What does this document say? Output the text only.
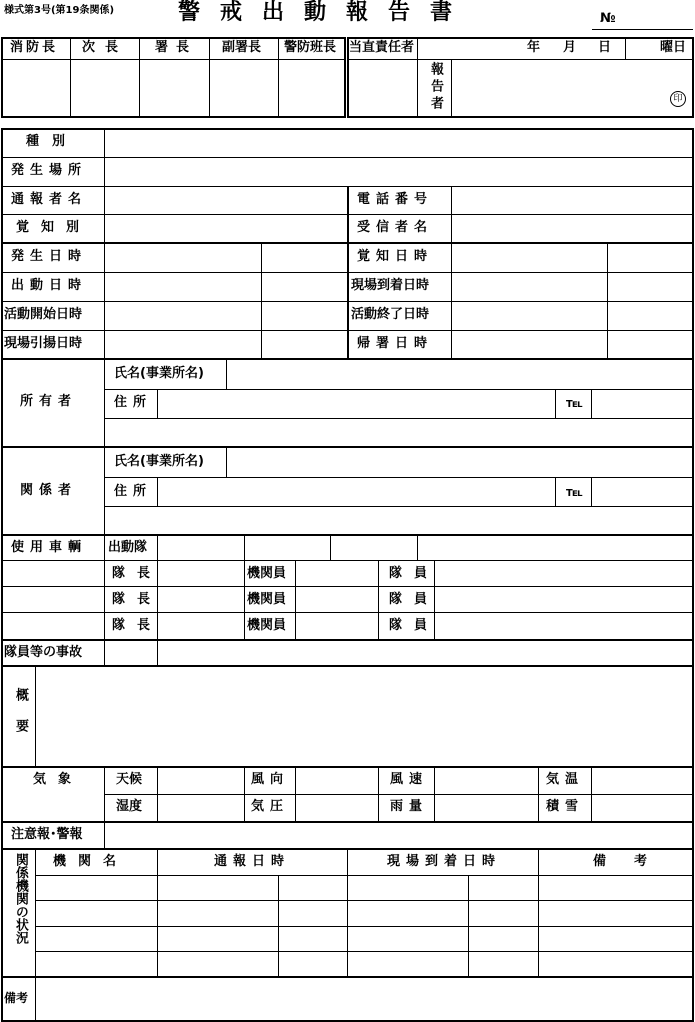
様式第3号(第19条関係)	警戒出動報告書	№
消防長 次長 署長 副署長 警防班長 当直責任者	年 月 日	曜日
報告者	印
種　別
発生場所
通報者名	電話番号
覚知別	受信者名
発生日時	覚知日時
出動日時	現場到着日時
活動開始日時	活動終了日時
現場引揚日時	帰署日時
所有者
氏名(事業所名)
住所	℡
関係者
氏名(事業所名)
住所	℡
使用車輌 出動隊
隊長	機関員	隊員
隊長	機関員	隊員
隊長	機関員	隊員
隊員等の事故
概要
気象	天候	風向	風速	気温
湿度	気圧	雨量	積雪
注意報･警報
関係機関の状況 機関名	通報日時	現場到着日時	備考
備考
